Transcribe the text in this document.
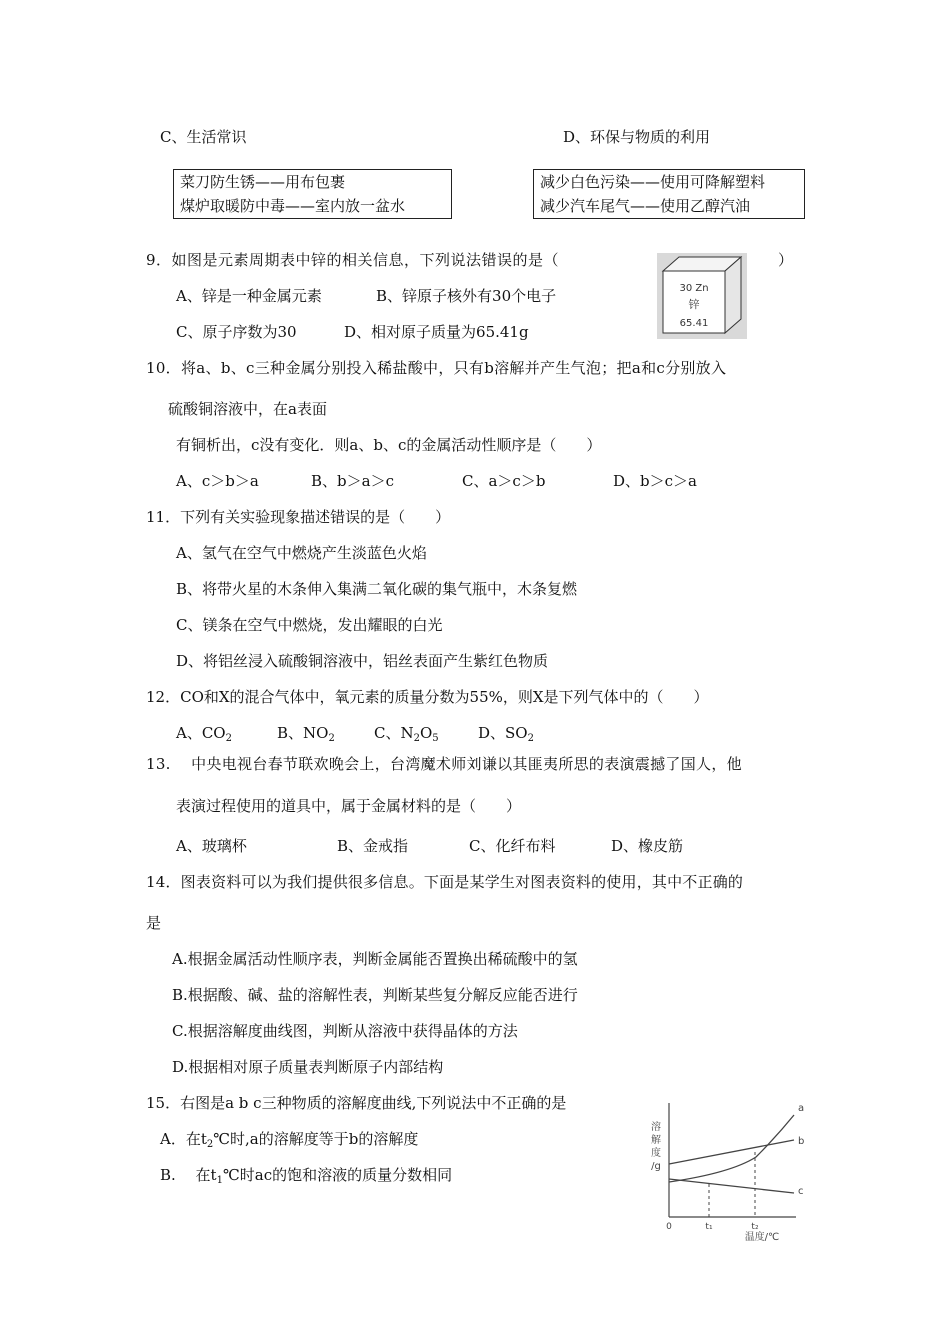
C、生活常识	D、环保与物质的利用
菜刀防生锈——用布包裹
煤炉取暖防中毒——室内放一盆水
减少白色污染——使用可降解塑料
减少汽车尾气——使用乙醇汽油
9．如图是元素周期表中锌的相关信息，下列说法错误的是（	）
A、锌是一种金属元素	B、锌原子核外有30个电子
C、原子序数为30	D、相对原子质量为65.41g
30 Zn
锌
65.41
10．将a、b、c三种金属分别投入稀盐酸中，只有b溶解并产生气泡；把a和c分别放入
硫酸铜溶液中，在a表面
有铜析出，c没有变化．则a、b、c的金属活动性顺序是（　　）
A、c＞b＞a	B、b＞a＞c	C、a＞c＞b	D、b＞c＞a
11．下列有关实验现象描述错误的是（　　）
A、氢气在空气中燃烧产生淡蓝色火焰
B、将带火星的木条伸入集满二氧化碳的集气瓶中，木条复燃
C、镁条在空气中燃烧，发出耀眼的白光
D、将铝丝浸入硫酸铜溶液中，铝丝表面产生紫红色物质
12．CO和X的混合气体中，氧元素的质量分数为55%，则X是下列气体中的（　　）
A、$CO_2$	B、$NO_2$	C、$N_2O_5$	D、$SO_2$
13.　 中央电视台春节联欢晚会上，台湾魔术师刘谦以其匪夷所思的表演震撼了国人，他
表演过程使用的道具中，属于金属材料的是（　　）
A、玻璃杯	B、金戒指	C、化纤布料	D、橡皮筋
14．图表资料可以为我们提供很多信息。下面是某学生对图表资料的使用，其中不正确的
是
A.根据金属活动性顺序表，判断金属能否置换出稀硫酸中的氢
B.根据酸、碱、盐的溶解性表，判断某些复分解反应能否进行
C.根据溶解度曲线图，判断从溶液中获得晶体的方法
D.根据相对原子质量表判断原子内部结构
15．右图是a b c三种物质的溶解度曲线,下列说法中不正确的是
A．在$t_2℃$时,a的溶解度等于b的溶解度
B.　 在$t_1℃$时ac的饱和溶液的质量分数相同
溶
解
度
/g
a
b
c
0	t₁	t₂
温度/℃
